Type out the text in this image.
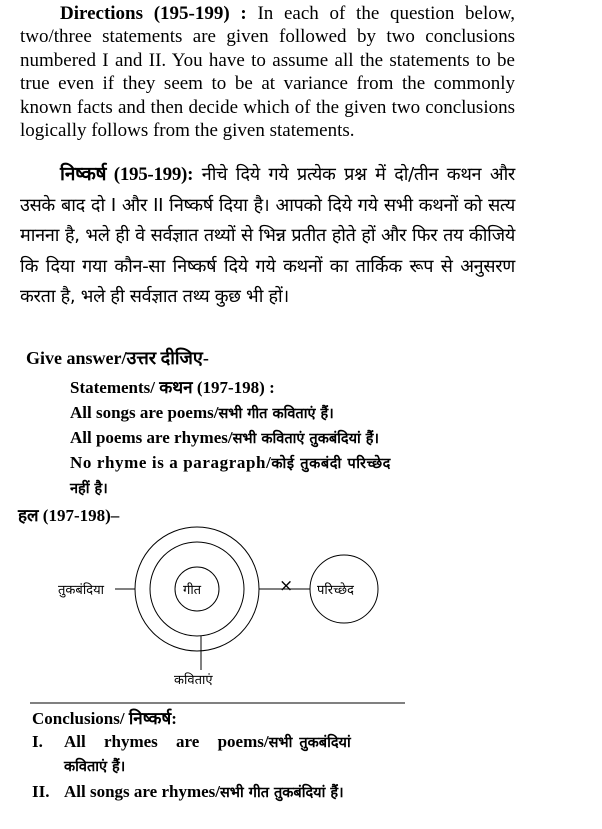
Directions (195-199) : In each of the question below, two/three statements are given followed by two conclusions numbered I and II. You have to assume all the statements to be true even if they seem to be at variance from the commonly known facts and then decide which of the given two conclusions logically follows from the given statements.
निष्कर्ष (195-199): नीचे दिये गये प्रत्येक प्रश्न में दो/तीन कथन और उसके बाद दो I और II निष्कर्ष दिया है। आपको दिये गये सभी कथनों को सत्य मानना है, भले ही वे सर्वज्ञात तथ्यों से भिन्न प्रतीत होते हों और फिर तय कीजिये कि दिया गया कौन-सा निष्कर्ष दिये गये कथनों का तार्किक रूप से अनुसरण करता है, भले ही सर्वज्ञात तथ्य कुछ भी हों।
Give answer/उत्तर दीजिए-
Statements/ कथन (197-198) :
All songs are poems/सभी गीत कविताएं हैं।
All poems are rhymes/सभी कविताएं तुकबंदियां हैं।
No rhyme is a paragraph/कोई तुकबंदी परिच्छेद
नहीं है।
हल (197-198)–
तुकबंदिया	गीत	परिच्छेद
×
कविताएं
Conclusions/ निष्कर्ष:
I. All rhymes are poems/सभी तुकबंदियां
कविताएं हैं।
II. All songs are rhymes/सभी गीत तुकबंदियां हैं।
